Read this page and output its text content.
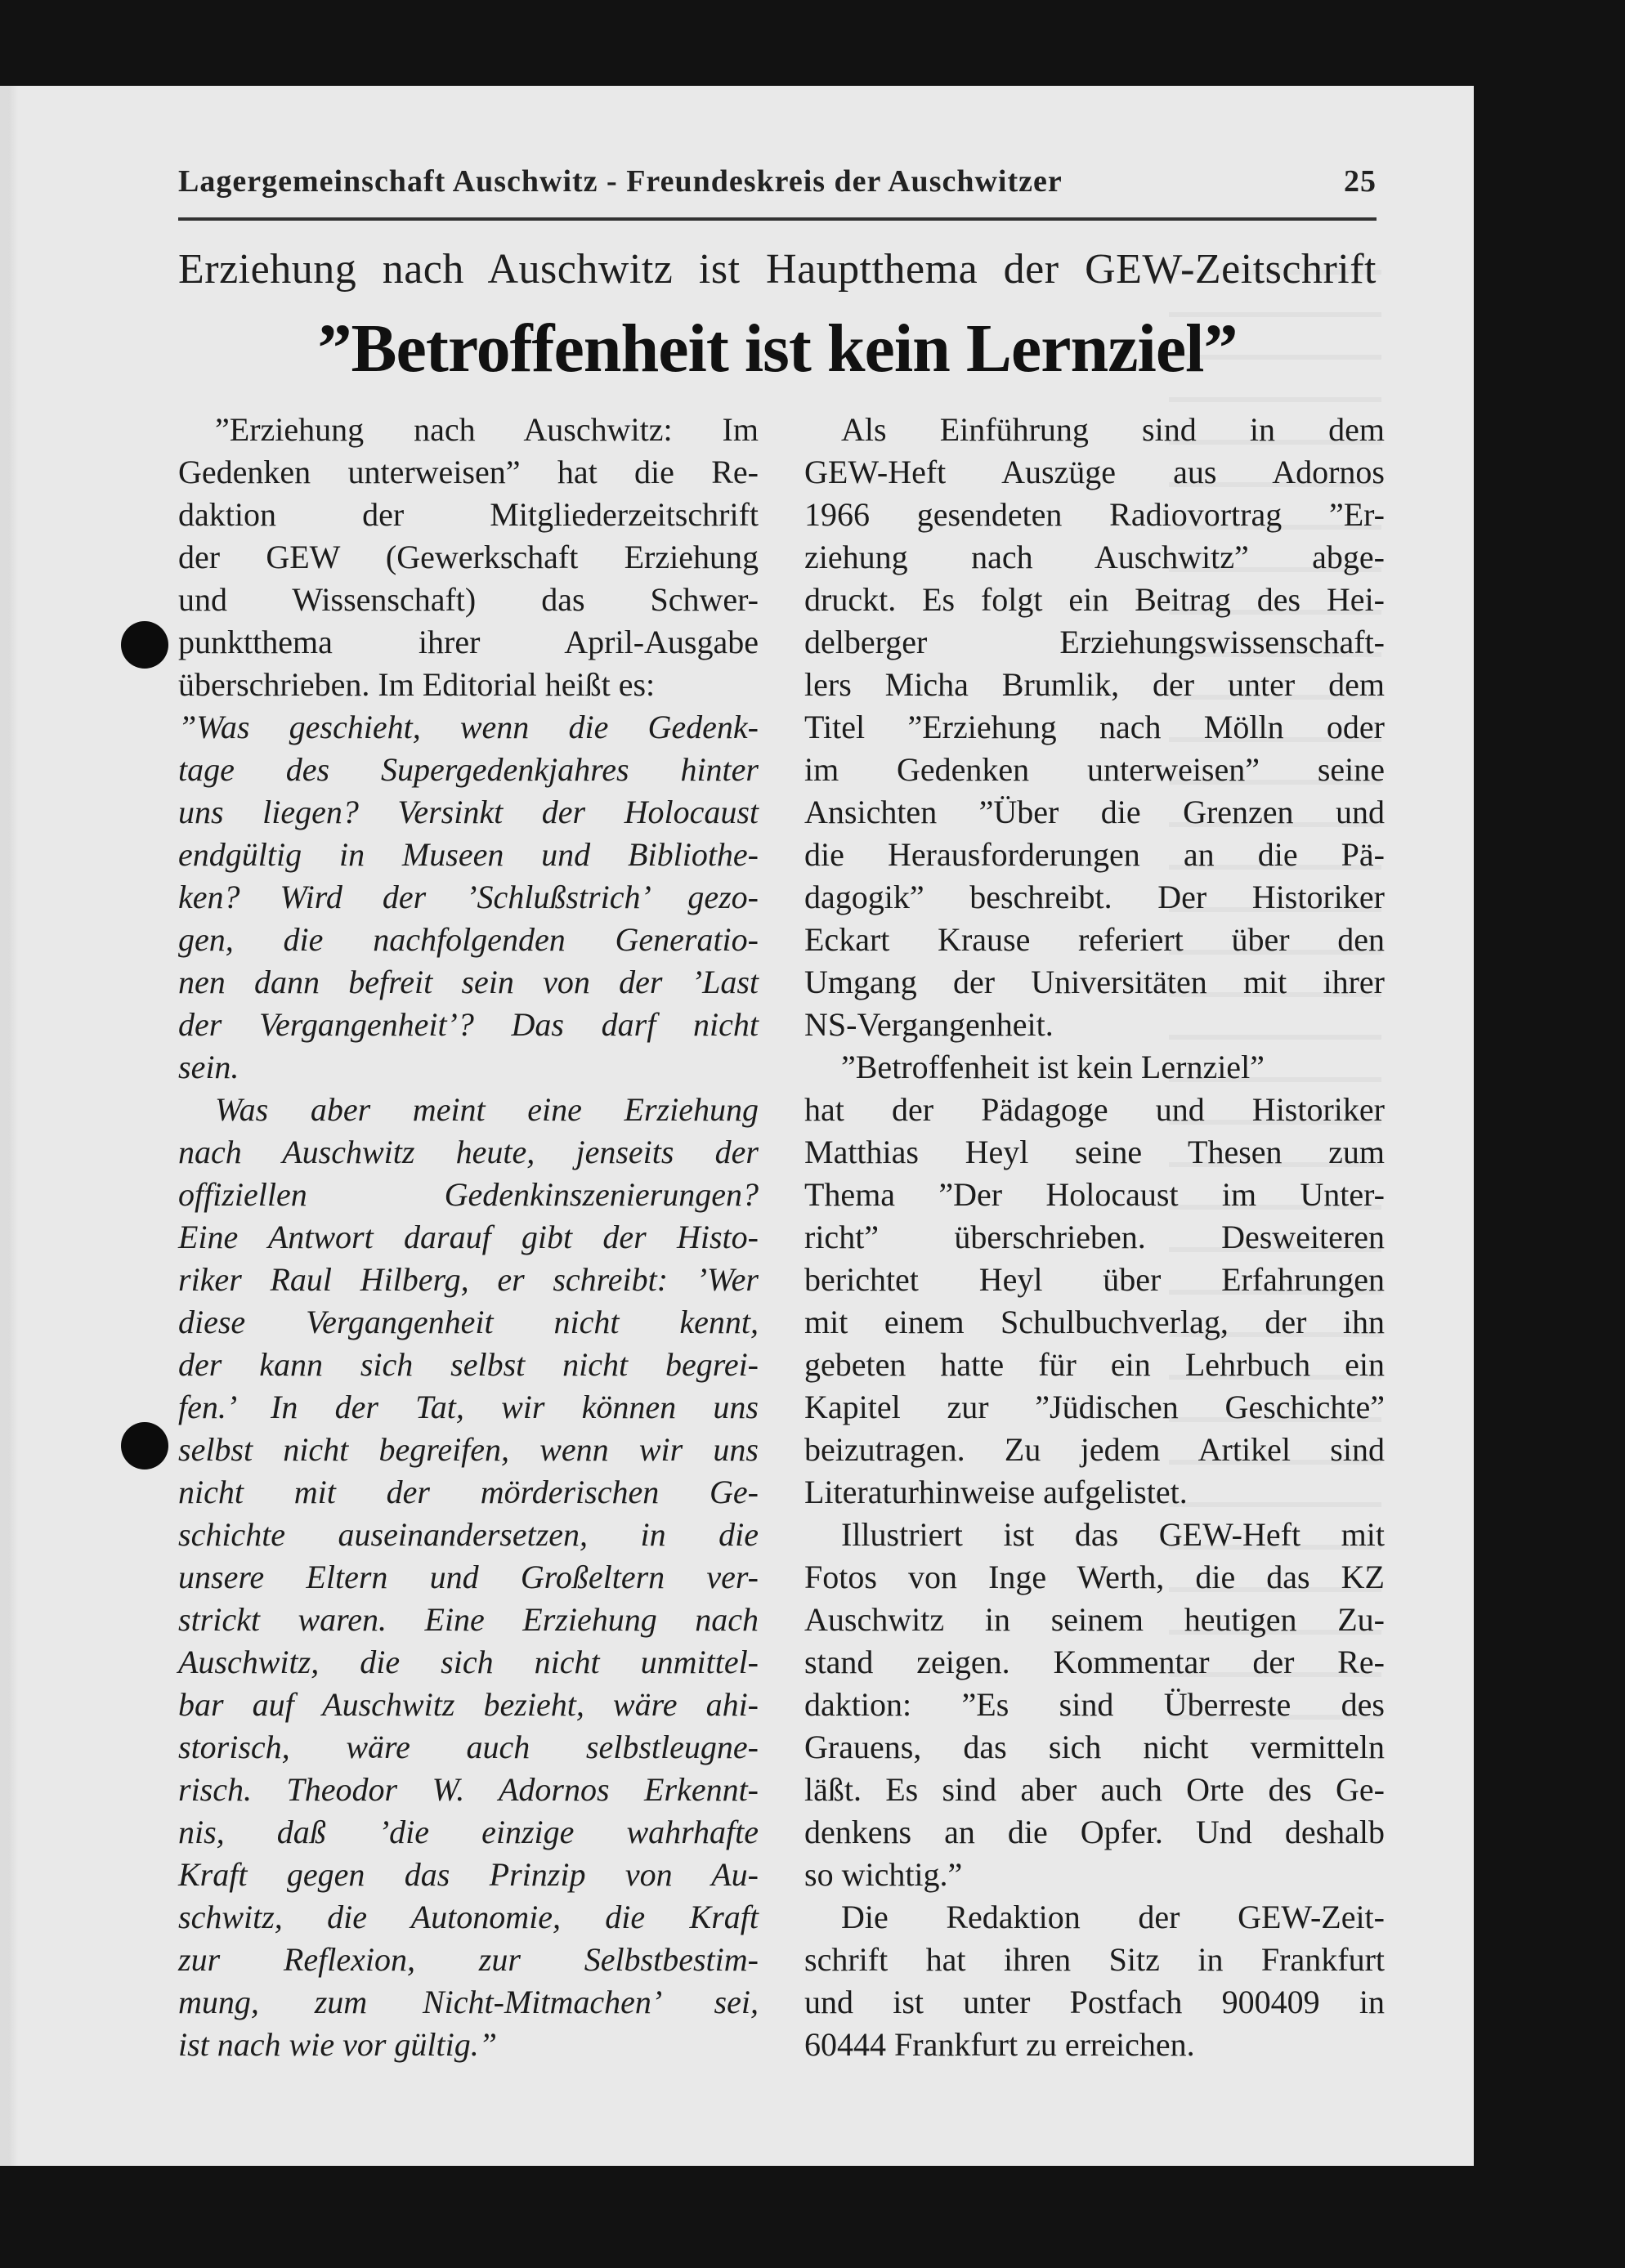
Lagergemeinschaft Auschwitz - Freundeskreis der Auschwitzer	25
Erziehung nach Auschwitz ist Hauptthema der GEW-Zeitschrift
”Betroffenheit ist kein Lernziel”
”Erziehung nach Auschwitz: Im
Gedenken unterweisen” hat die Re-
daktion der Mitgliederzeitschrift
der GEW (Gewerkschaft Erziehung
und Wissenschaft) das Schwer-
punktthema ihrer April-Ausgabe
überschrieben. Im Editorial heißt es:
”Was geschieht, wenn die Gedenk-
tage des Supergedenkjahres hinter
uns liegen? Versinkt der Holocaust
endgültig in Museen und Bibliothe-
ken? Wird der ’Schlußstrich’ gezo-
gen, die nachfolgenden Generatio-
nen dann befreit sein von der ’Last
der Vergangenheit’? Das darf nicht
sein.
Was aber meint eine Erziehung
nach Auschwitz heute, jenseits der
offiziellen Gedenkinszenierungen?
Eine Antwort darauf gibt der Histo-
riker Raul Hilberg, er schreibt: ’Wer
diese Vergangenheit nicht kennt,
der kann sich selbst nicht begrei-
fen.’ In der Tat, wir können uns
selbst nicht begreifen, wenn wir uns
nicht mit der mörderischen Ge-
schichte auseinandersetzen, in die
unsere Eltern und Großeltern ver-
strickt waren. Eine Erziehung nach
Auschwitz, die sich nicht unmittel-
bar auf Auschwitz bezieht, wäre ahi-
storisch, wäre auch selbstleugne-
risch. Theodor W. Adornos Erkennt-
nis, daß ’die einzige wahrhafte
Kraft gegen das Prinzip von Au-
schwitz, die Autonomie, die Kraft
zur Reflexion, zur Selbstbestim-
mung, zum Nicht-Mitmachen’ sei,
ist nach wie vor gültig.”
Als Einführung sind in dem
GEW-Heft Auszüge aus Adornos
1966 gesendeten Radiovortrag ”Er-
ziehung nach Auschwitz” abge-
druckt. Es folgt ein Beitrag des Hei-
delberger Erziehungswissenschaft-
lers Micha Brumlik, der unter dem
Titel ”Erziehung nach Mölln oder
im Gedenken unterweisen” seine
Ansichten ”Über die Grenzen und
die Herausforderungen an die Pä-
dagogik” beschreibt. Der Historiker
Eckart Krause referiert über den
Umgang der Universitäten mit ihrer
NS-Vergangenheit.
”Betroffenheit ist kein Lernziel”
hat der Pädagoge und Historiker
Matthias Heyl seine Thesen zum
Thema ”Der Holocaust im Unter-
richt” überschrieben. Desweiteren
berichtet Heyl über Erfahrungen
mit einem Schulbuchverlag, der ihn
gebeten hatte für ein Lehrbuch ein
Kapitel zur ”Jüdischen Geschichte”
beizutragen. Zu jedem Artikel sind
Literaturhinweise aufgelistet.
Illustriert ist das GEW-Heft mit
Fotos von Inge Werth, die das KZ
Auschwitz in seinem heutigen Zu-
stand zeigen. Kommentar der Re-
daktion: ”Es sind Überreste des
Grauens, das sich nicht vermitteln
läßt. Es sind aber auch Orte des Ge-
denkens an die Opfer. Und deshalb
so wichtig.”
Die Redaktion der GEW-Zeit-
schrift hat ihren Sitz in Frankfurt
und ist unter Postfach 900409 in
60444 Frankfurt zu erreichen.
